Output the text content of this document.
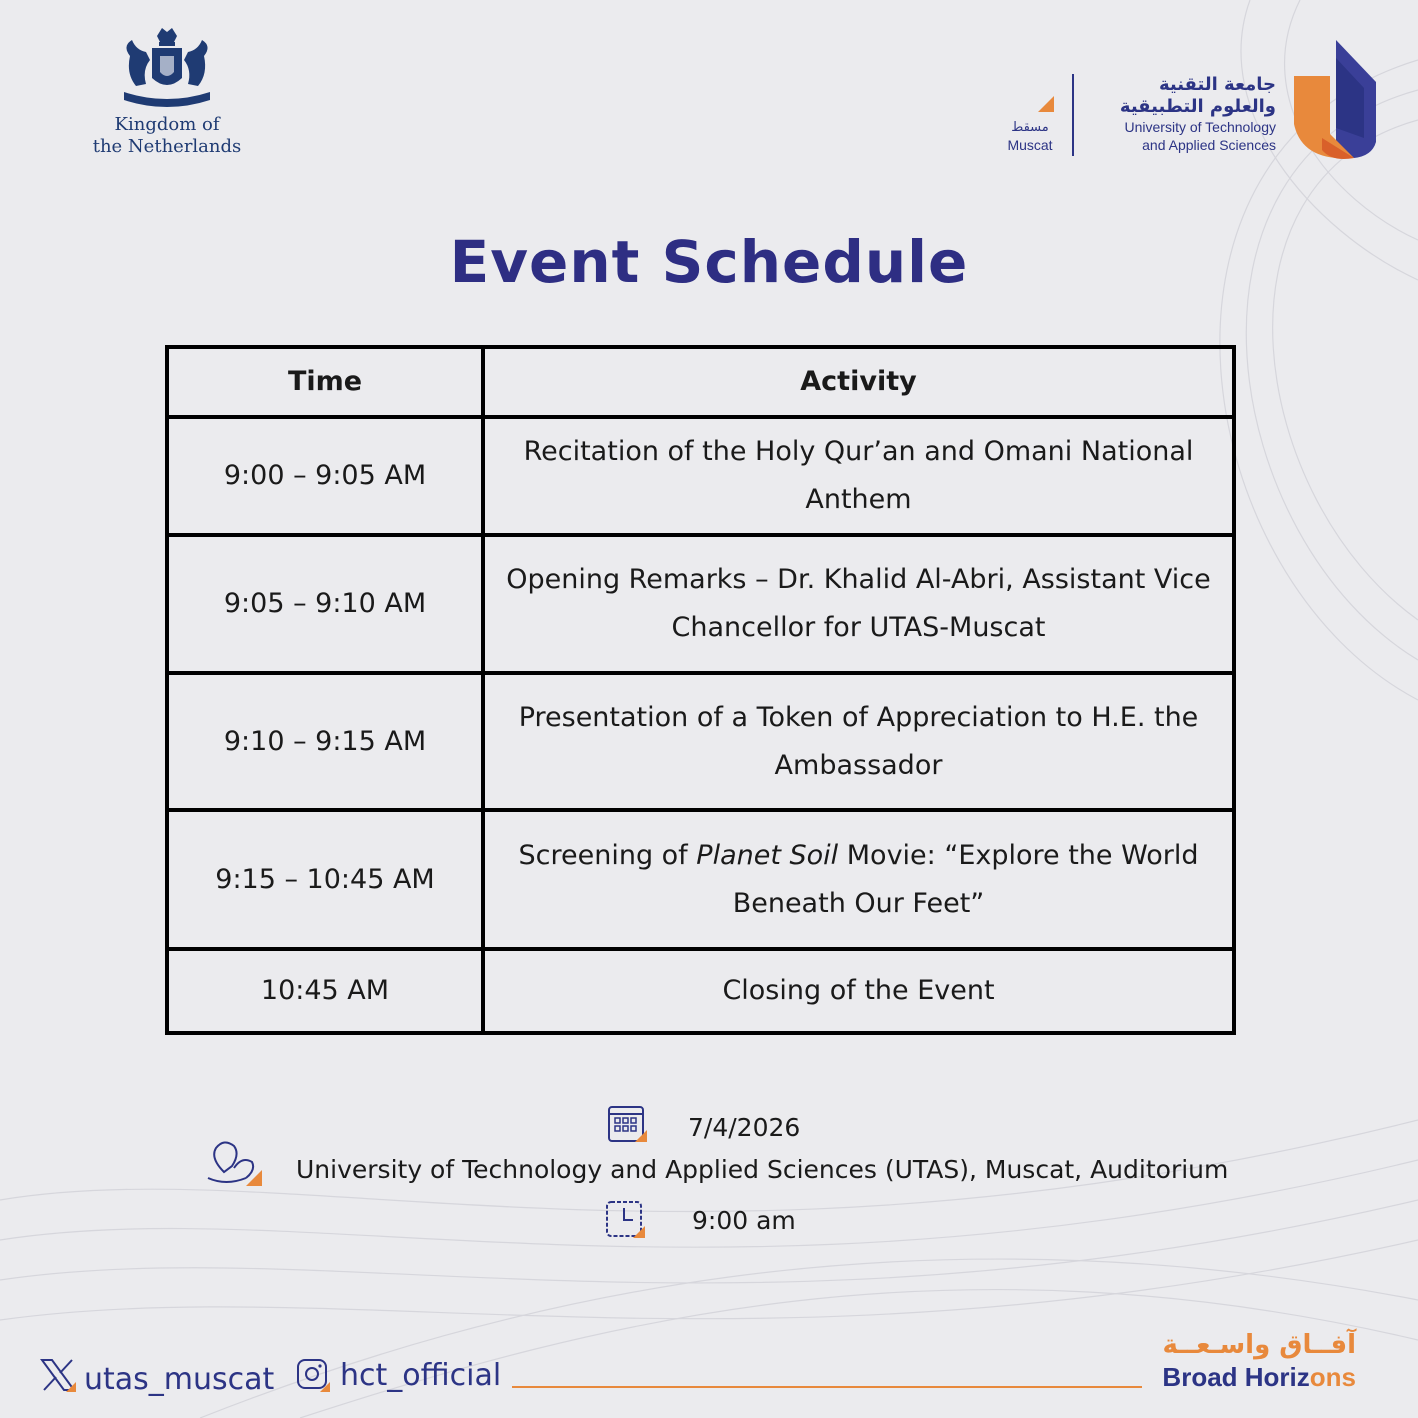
Kingdom of
the Netherlands
مسقط
Muscat
جامعة التقنية
والعلوم التطبيقية
University of Technology
and Applied Sciences
Event Schedule
Time	Activity
9:00 – 9:05 AM	Recitation of the Holy Qur’an and Omani National Anthem
9:05 – 9:10 AM	Opening Remarks – Dr. Khalid Al-Abri, Assistant Vice Chancellor for UTAS-Muscat
9:10 – 9:15 AM	Presentation of a Token of Appreciation to H.E. the Ambassador
9:15 – 10:45 AM	Screening of Planet Soil Movie: “Explore the World Beneath Our Feet”
10:45 AM	Closing of the Event
7/4/2026
University of Technology and Applied Sciences (UTAS), Muscat, Auditorium
9:00 am
utas_muscat hct_official
آفــاق واسـعــة
Broad Horizons
